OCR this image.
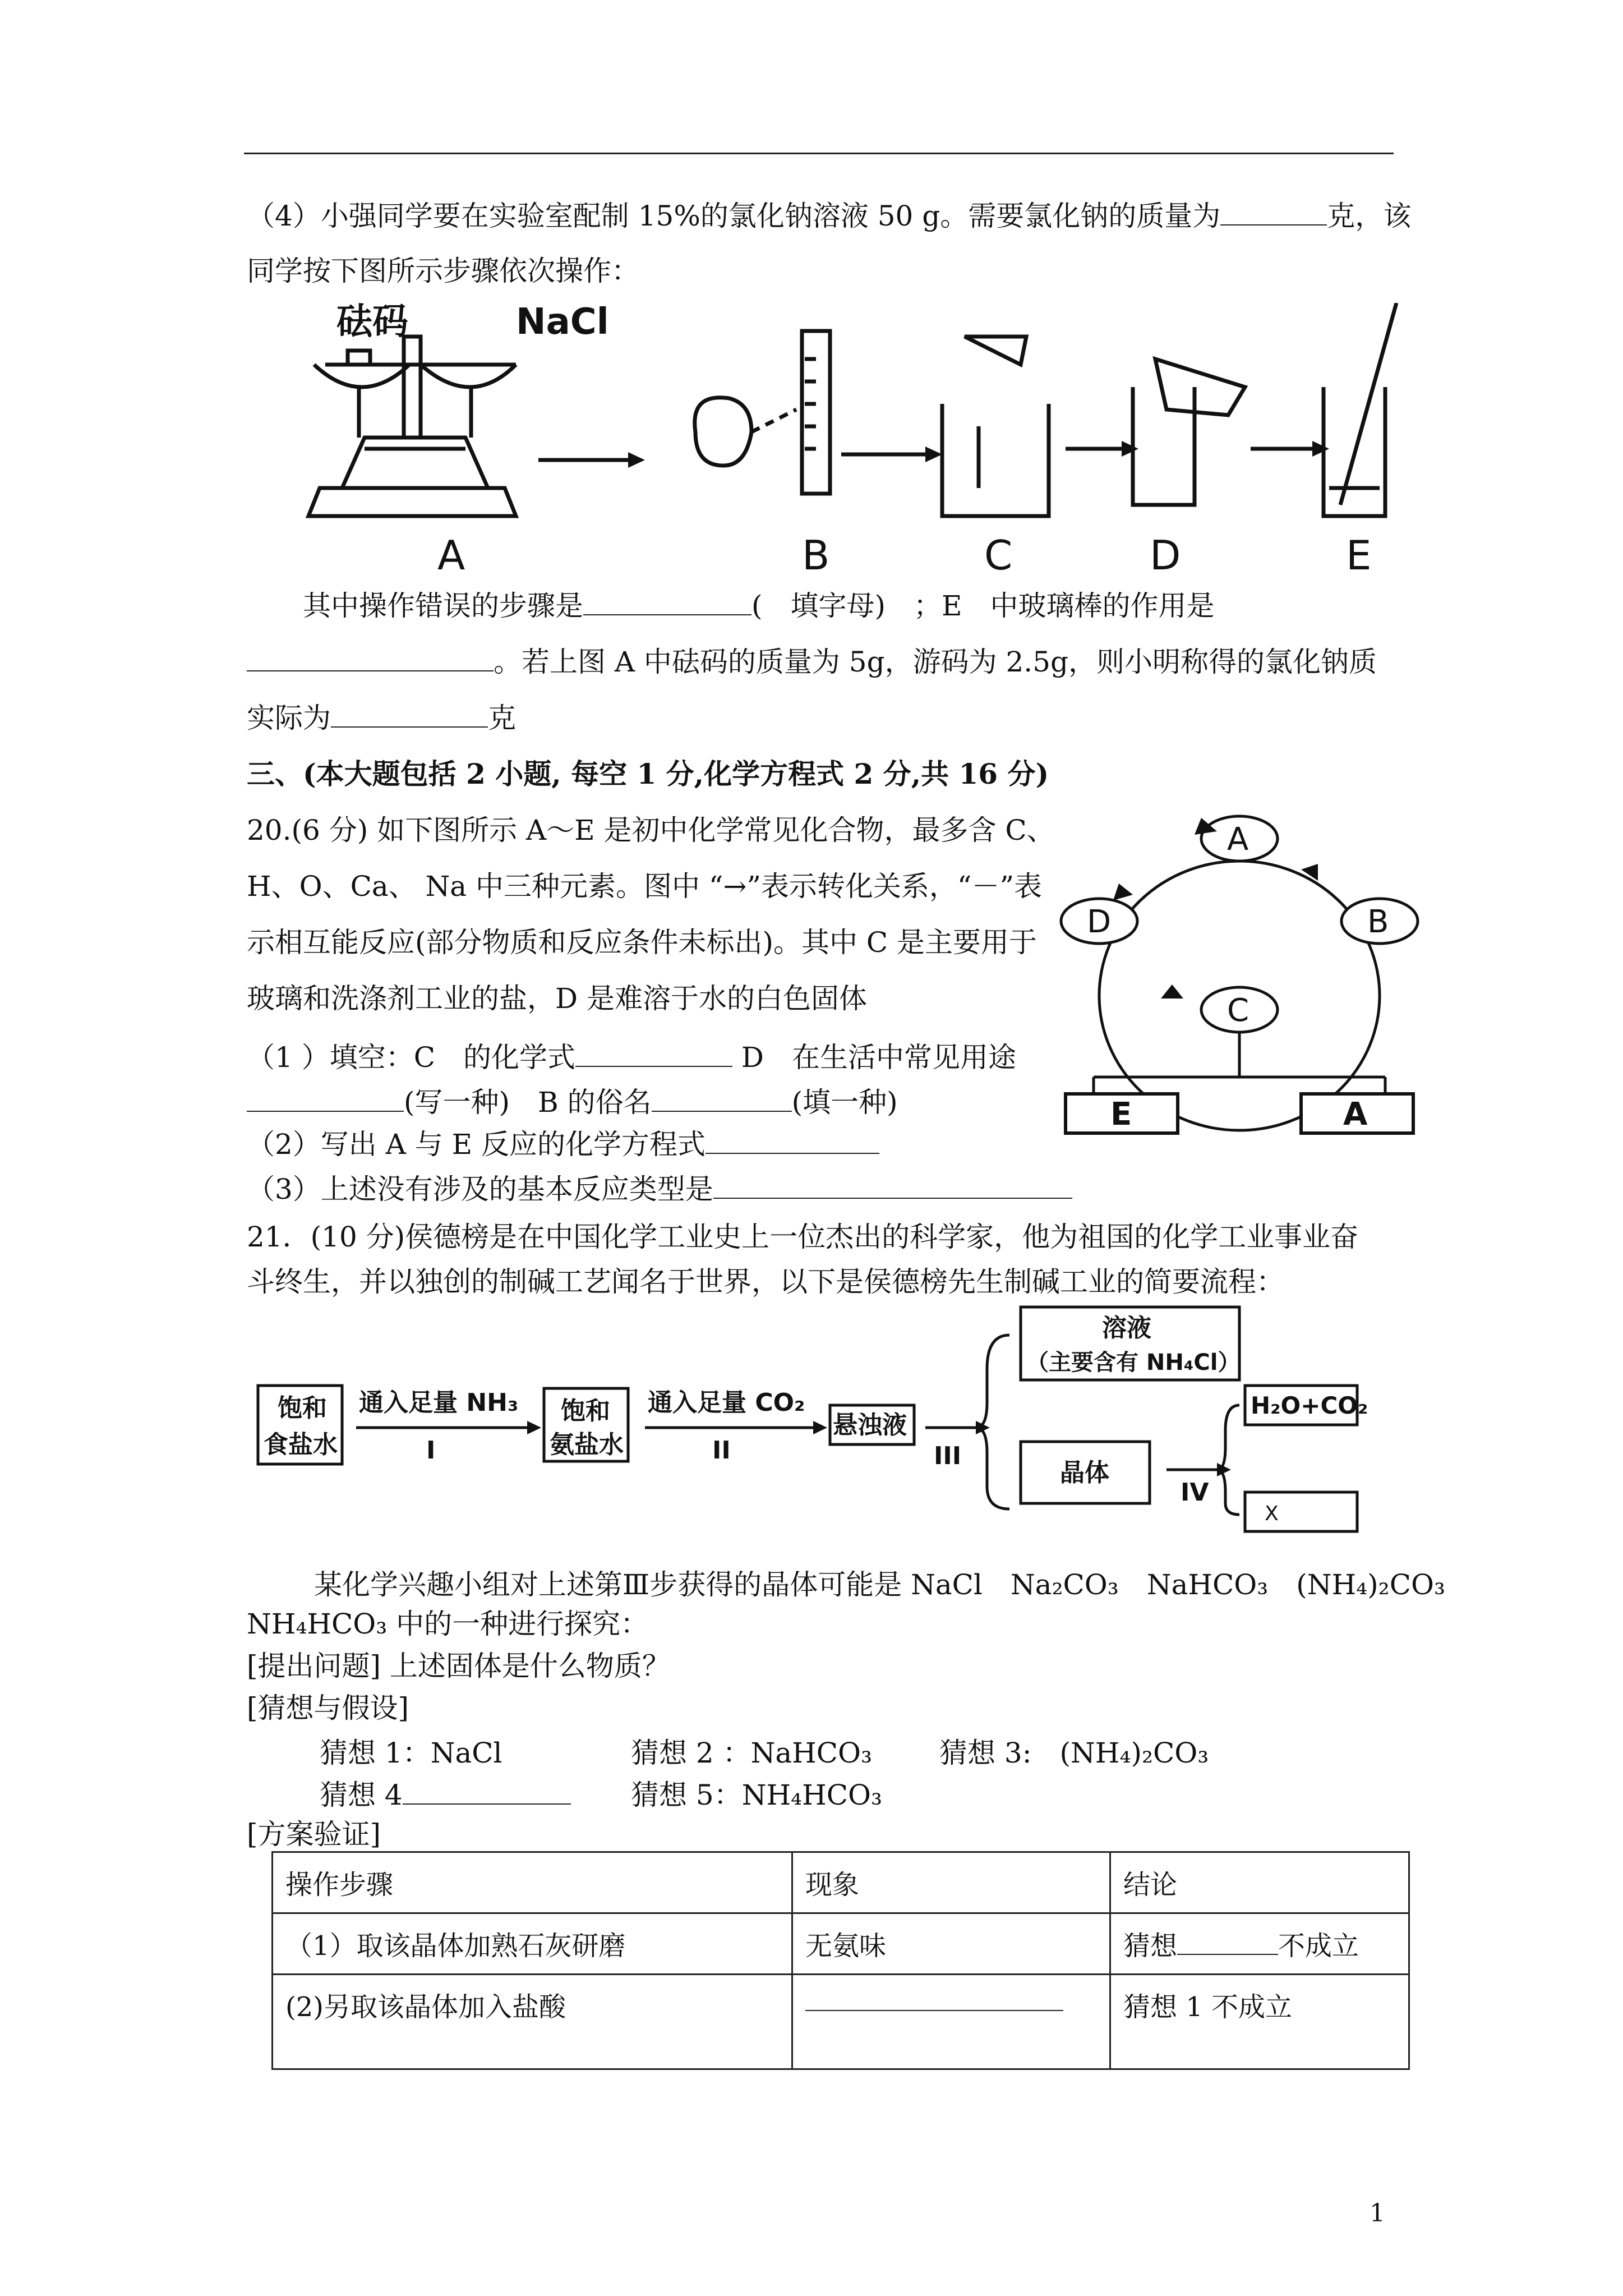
（4）小强同学要在实验室配制 15%的氯化钠溶液 50 g。需要氯化钠的质量为	克，该
同学按下图所示步骤依次操作：
砝码	NaCl
A	B	C	D	E
其中操作错误的步骤是	(　填字母)　；E　中玻璃棒的作用是
。若上图 A 中砝码的质量为 5g，游码为 2.5g，则小明称得的氯化钠质
实际为	克
三、(本大题包括 2 小题, 每空 1 分,化学方程式 2 分,共 16 分)
20.(6 分) 如下图所示 A～E 是初中化学常见化合物，最多含 C、
H、O、Ca、 Na 中三种元素。图中 “→”表示转化关系，“－”表
示相互能反应(部分物质和反应条件未标出)。其中 C 是主要用于
玻璃和洗涤剂工业的盐，D 是难溶于水的白色固体
（1 ）填空：C　的化学式	D　在生活中常见用途
(写一种)　B 的俗名	(填一种)
（2）写出 A 与 E 反应的化学方程式
（3）上述没有涉及的基本反应类型是
A
B
C
D
E	A
21．(10 分)侯德榜是在中国化学工业史上一位杰出的科学家，他为祖国的化学工业事业奋
斗终生，并以独创的制碱工艺闻名于世界，以下是侯德榜先生制碱工业的简要流程：
饱和
食盐水
通入足量 NH₃
I
饱和
氨盐水
通入足量 CO₂
II
悬浊液
III
溶液
（主要含有 NH₄Cl）
晶体
IV
H₂O+CO₂
X
某化学兴趣小组对上述第Ⅲ步获得的晶体可能是 NaCl　Na₂CO₃　NaHCO₃　(NH₄)₂CO₃
NH₄HCO₃ 中的一种进行探究：
[提出问题] 上述固体是什么物质？
[猜想与假设]
猜想 1：NaCl	猜想 2 ：NaHCO₃ 猜想 3:　(NH₄)₂CO₃
猜想 4	猜想 5：NH₄HCO₃
[方案验证]
操作步骤	现象	结论
（1）取该晶体加熟石灰研磨	无氨味	猜想 不成立
(2)另取该晶体加入盐酸		猜想 1 不成立
1
